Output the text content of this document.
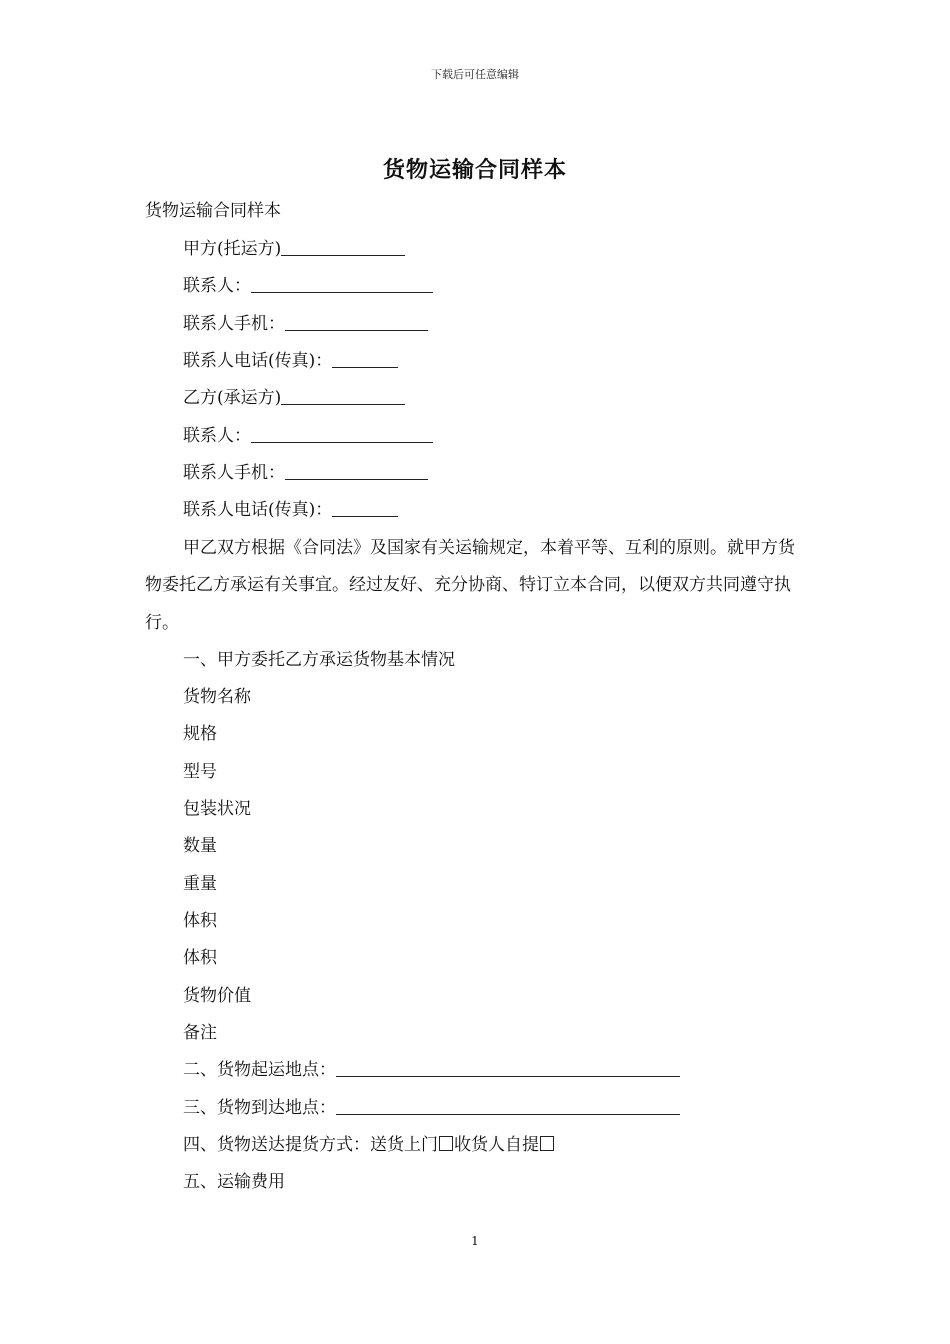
下载后可任意编辑
货物运输合同样本
货物运输合同样本
甲方(托运方)
联系人：
联系人手机：
联系人电话(传真)：
乙方(承运方)
联系人：
联系人手机：
联系人电话(传真)：
甲乙双方根据《合同法》及国家有关运输规定，本着平等、互利的原则。就甲方货物委托乙方承运有关事宜。经过友好、充分协商、特订立本合同，以便双方共同遵守执行。
一、甲方委托乙方承运货物基本情况
货物名称
规格
型号
包装状况
数量
重量
体积
体积
货物价值
备注
二、货物起运地点：
三、货物到达地点：
四、货物送达提货方式：送货上门 收货人自提
五、运输费用
1
